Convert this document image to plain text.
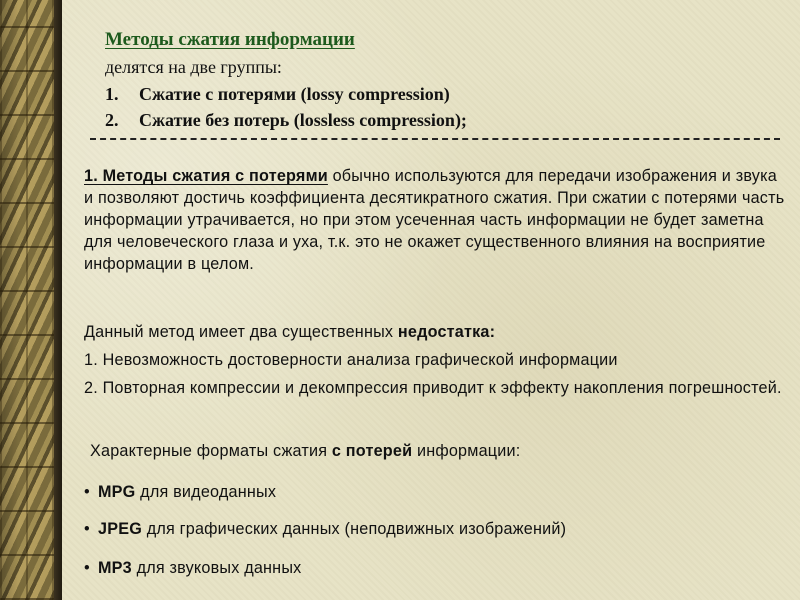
Методы сжатия информации
делятся на две группы:
1. Сжатие с потерями (lossy compression)
2. Сжатие без потерь (lossless compression);
1. Методы сжатия с потерями обычно используются для передачи изображения и звука и позволяют достичь коэффициента десятикратного сжатия. При сжатии с потерями часть информации утрачивается, но при этом усеченная часть информации не будет заметна для человеческого глаза и уха, т.к. это не окажет существенного влияния на восприятие информации в целом.
Данный метод имеет два существенных недостатка:
1. Невозможность достоверности анализа графической информации
2. Повторная компрессии и декомпрессия приводит к эффекту накопления погрешностей.
Характерные форматы сжатия с потерей информации:
• MPG для видеоданных
• JPEG для графических данных (неподвижных изображений)
• MP3 для звуковых данных
